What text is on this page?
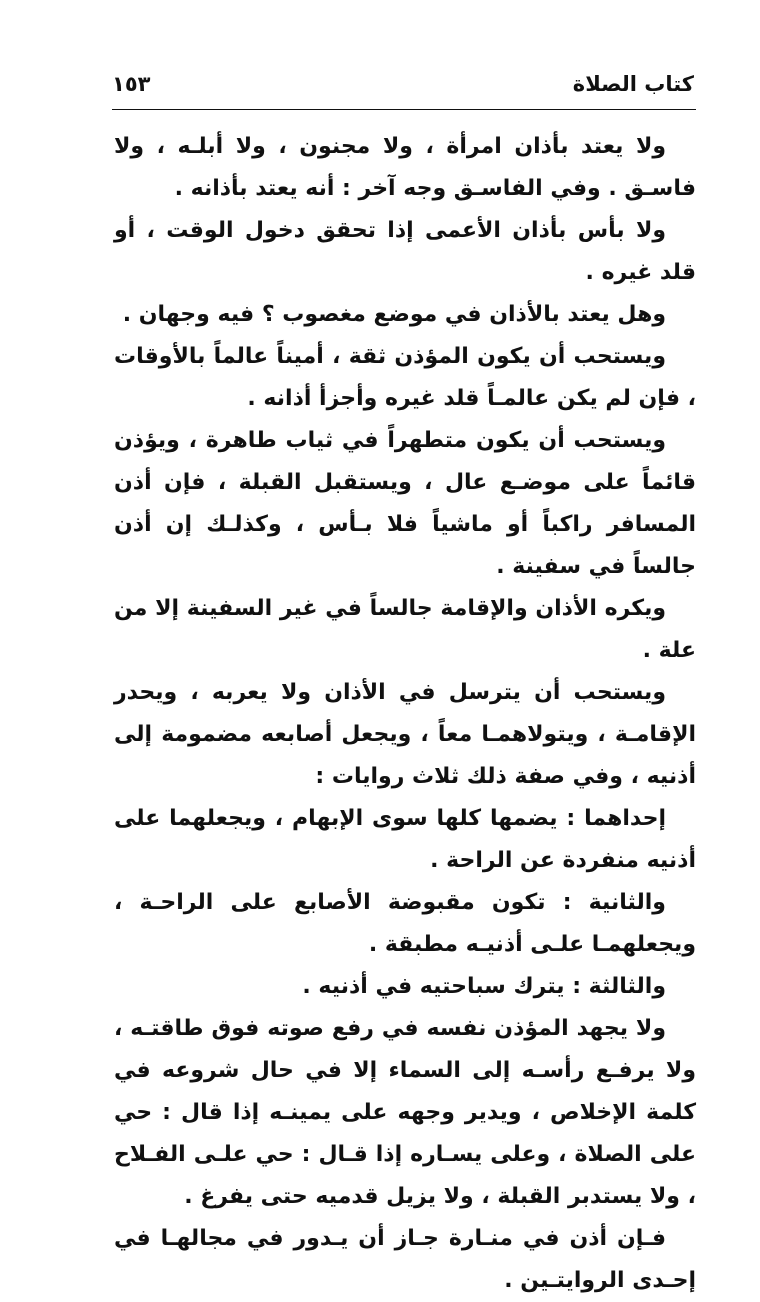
كتاب الصلاة
١٥٣

ولا يعتد بأذان امرأة ، ولا مجنون ، ولا أبلـه ، ولا فاسـق . وفي الفاسـق وجه آخر : أنه يعتد بأذانه .

ولا بأس بأذان الأعمى إذا تحقق دخول الوقت ، أو قلد غيره .

وهل يعتد بالأذان في موضع مغصوب ؟ فيه وجهان .

ويستحب أن يكون المؤذن ثقة ، أميناً عالماً بالأوقات ، فإن لم يكن عالمـاً قلد غيره وأجزأ أذانه .

ويستحب أن يكون متطهراً في ثياب طاهرة ، ويؤذن قائماً على موضـع عال ، ويستقبل القبلة ، فإن أذن المسافر راكباً أو ماشياً فلا بـأس ، وكذلـك إن أذن جالساً في سفينة .

ويكره الأذان والإقامة جالساً في غير السفينة إلا من علة .

ويستحب أن يترسل في الأذان ولا يعربه ، ويحدر الإقامـة ، ويتولاهمـا معاً ، ويجعل أصابعه مضمومة إلى أذنيه ، وفي صفة ذلك ثلاث روايات :

إحداهما : يضمها كلها سوى الإبهام ، ويجعلهما على أذنيه منفردة عن الراحة .

والثانية : تكون مقبوضة الأصابع على الراحـة ، ويجعلهمـا علـى أذنيـه مطبقة .

والثالثة : يترك سباحتيه في أذنيه .

ولا يجهد المؤذن نفسه في رفع صوته فوق طاقتـه ، ولا يرفـع رأسـه إلى السماء إلا في حال شروعه في كلمة الإخلاص ، ويدير وجهه على يمينـه إذا قال : حي على الصلاة ، وعلى يسـاره إذا قـال : حي علـى الفـلاح ، ولا يستدبر القبلة ، ولا يزيل قدميه حتى يفرغ .

فـإن أذن في منـارة جـاز أن يـدور في مجالهـا في إحـدى الروايتـين .
